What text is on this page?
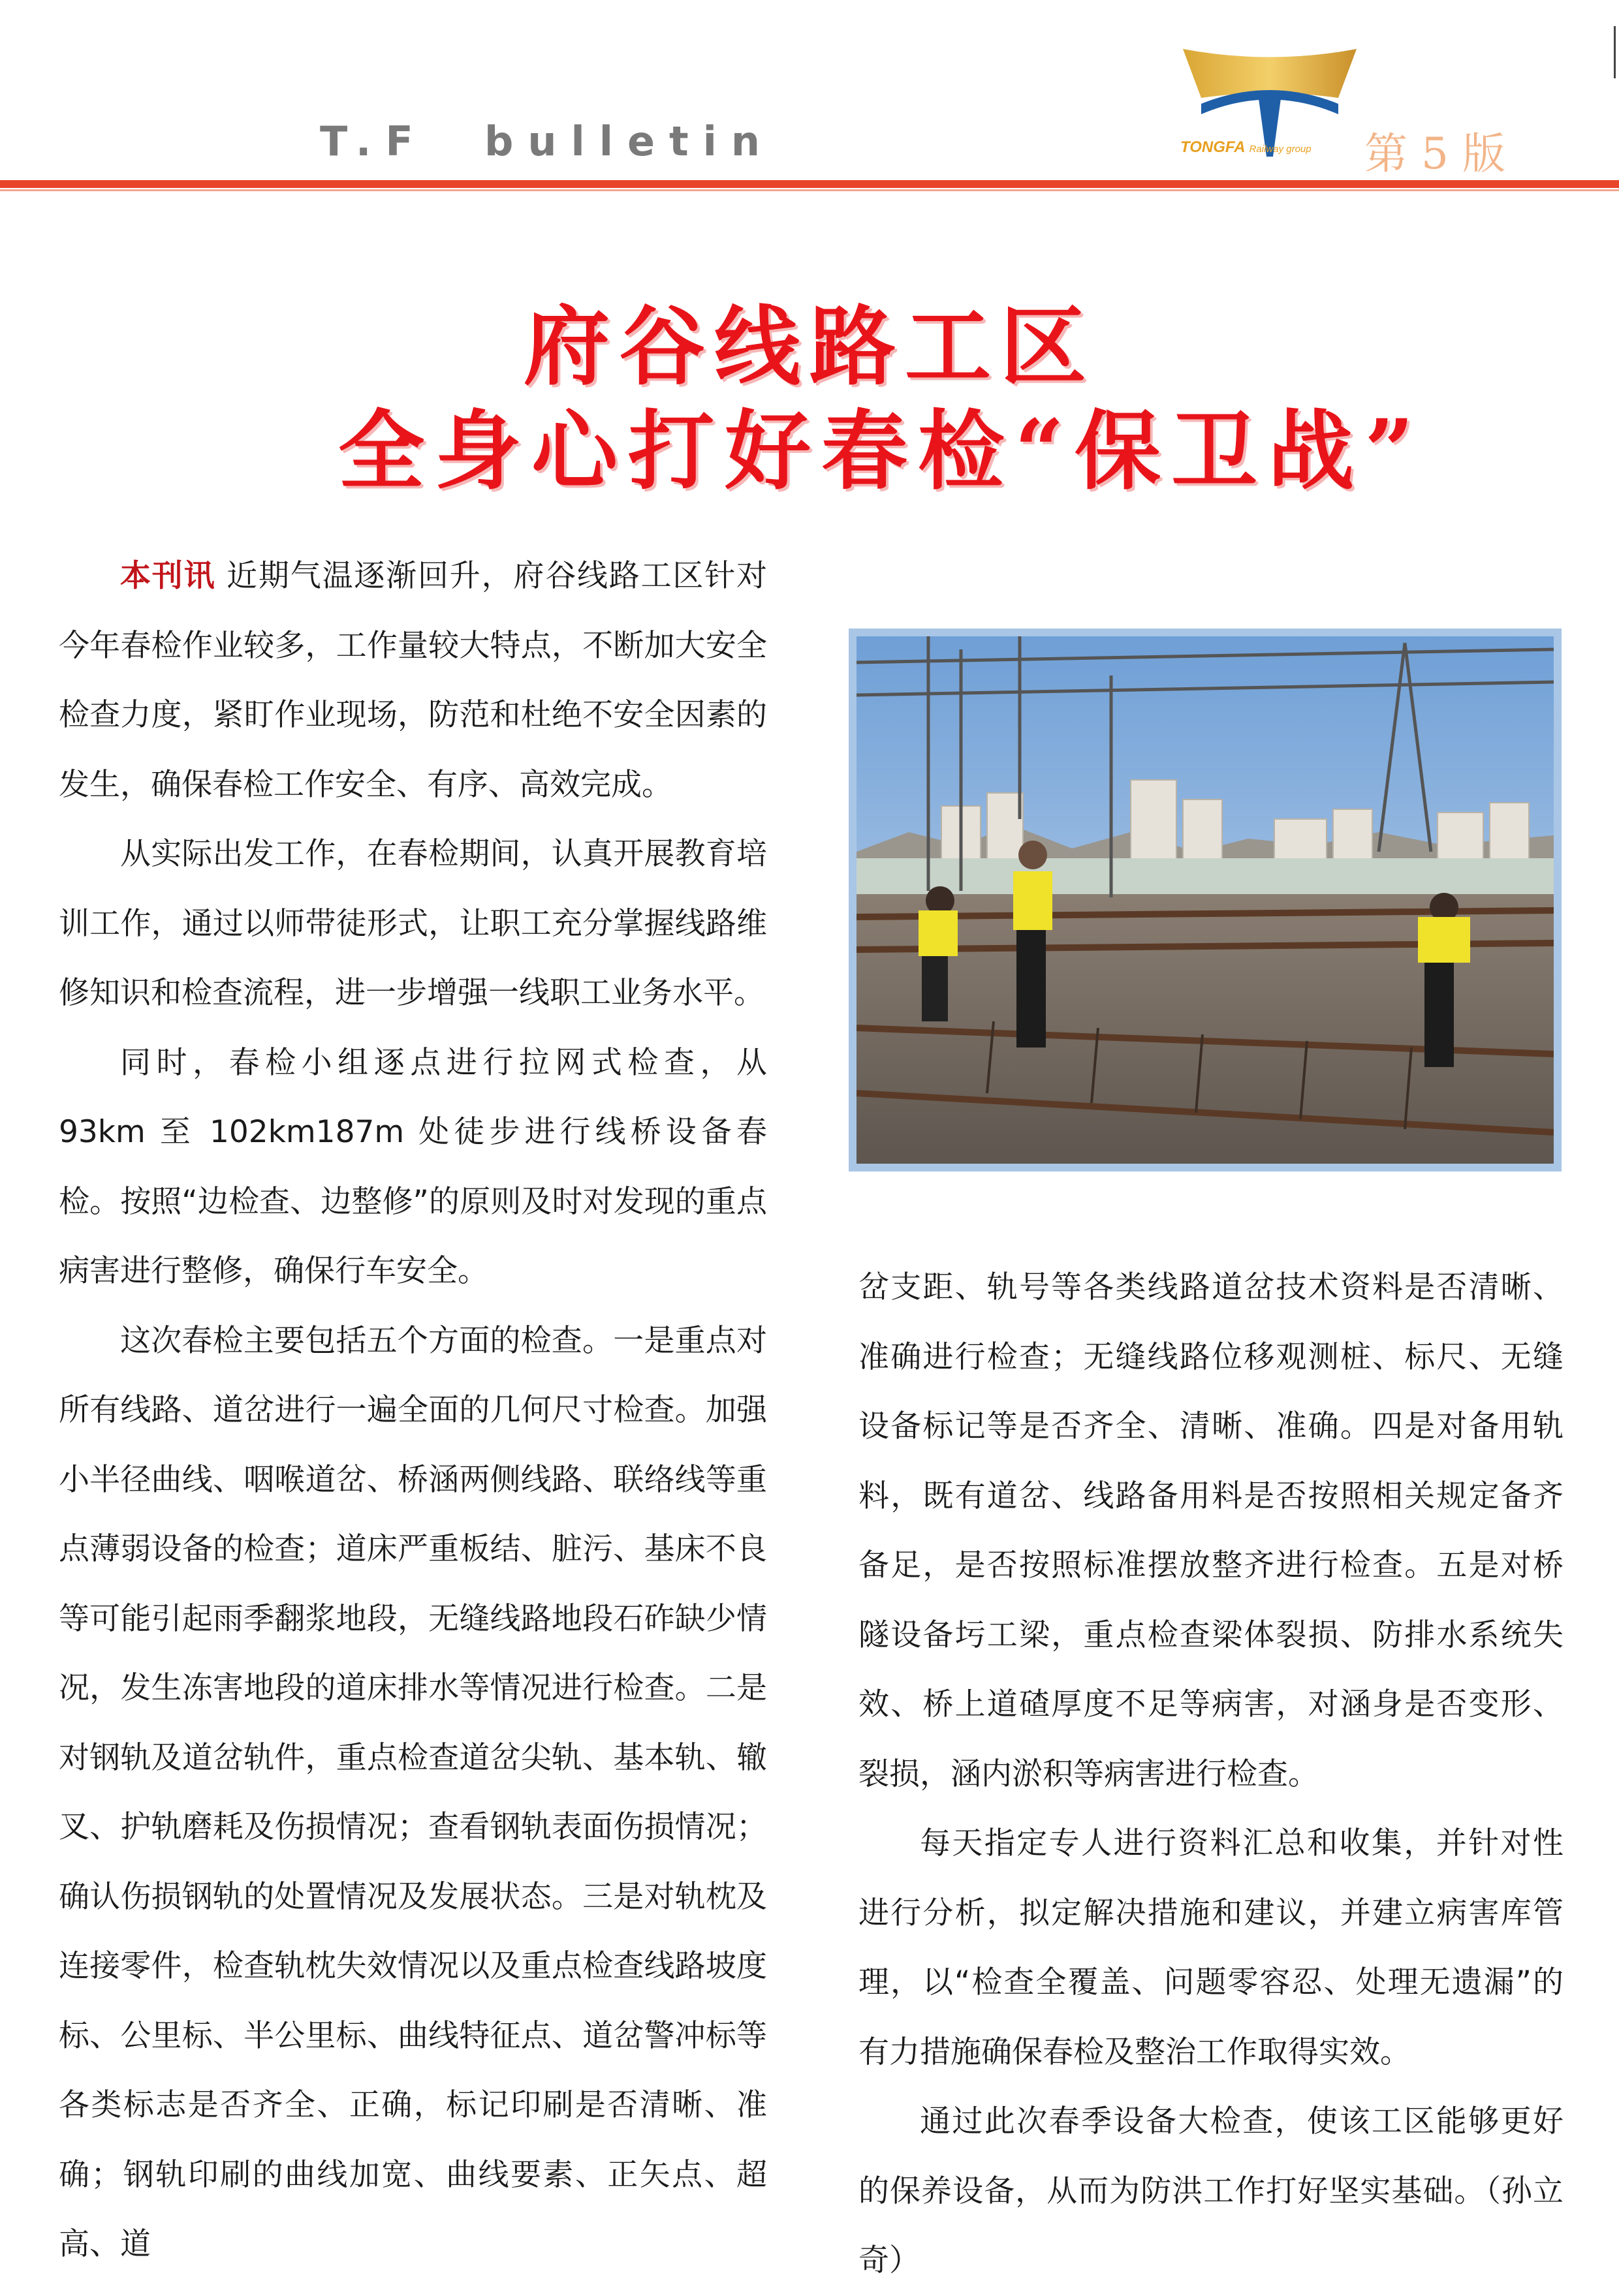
T.F  bulletin	TONGFA Railway group 第 5 版
府谷线路工区
全身心打好春检“保卫战”

本刊讯 近期气温逐渐回升，府谷线路工区针对今年春检作业较多，工作量较大特点，不断加大安全检查力度，紧盯作业现场，防范和杜绝不安全因素的发生，确保春检工作安全、有序、高效完成。

从实际出发工作，在春检期间，认真开展教育培训工作，通过以师带徒形式，让职工充分掌握线路维修知识和检查流程，进一步增强一线职工业务水平。

同时，春检小组逐点进行拉网式检查，从 93km 至 102km187m 处徒步进行线桥设备春检。按照“边检查、边整修”的原则及时对发现的重点病害进行整修，确保行车安全。

这次春检主要包括五个方面的检查。一是重点对所有线路、道岔进行一遍全面的几何尺寸检查。加强小半径曲线、咽喉道岔、桥涵两侧线路、联络线等重点薄弱设备的检查；道床严重板结、脏污、基床不良等可能引起雨季翻浆地段，无缝线路地段石砟缺少情况，发生冻害地段的道床排水等情况进行检查。二是对钢轨及道岔轨件，重点检查道岔尖轨、基本轨、辙叉、护轨磨耗及伤损情况；查看钢轨表面伤损情况；确认伤损钢轨的处置情况及发展状态。三是对轨枕及连接零件，检查轨枕失效情况以及重点检查线路坡度标、公里标、半公里标、曲线特征点、道岔警冲标等各类标志是否齐全、正确，标记印刷是否清晰、准确；钢轨印刷的曲线加宽、曲线要素、正矢点、超高、道

岔支距、轨号等各类线路道岔技术资料是否清晰、准确进行检查；无缝线路位移观测桩、标尺、无缝设备标记等是否齐全、清晰、准确。四是对备用轨料，既有道岔、线路备用料是否按照相关规定备齐备足，是否按照标准摆放整齐进行检查。五是对桥隧设备圬工梁，重点检查梁体裂损、防排水系统失效、桥上道碴厚度不足等病害，对涵身是否变形、裂损，涵内淤积等病害进行检查。

每天指定专人进行资料汇总和收集，并针对性进行分析，拟定解决措施和建议，并建立病害库管理，以“检查全覆盖、问题零容忍、处理无遗漏”的有力措施确保春检及整治工作取得实效。

通过此次春季设备大检查，使该工区能够更好的保养设备，从而为防洪工作打好坚实基础。（孙立奇）
